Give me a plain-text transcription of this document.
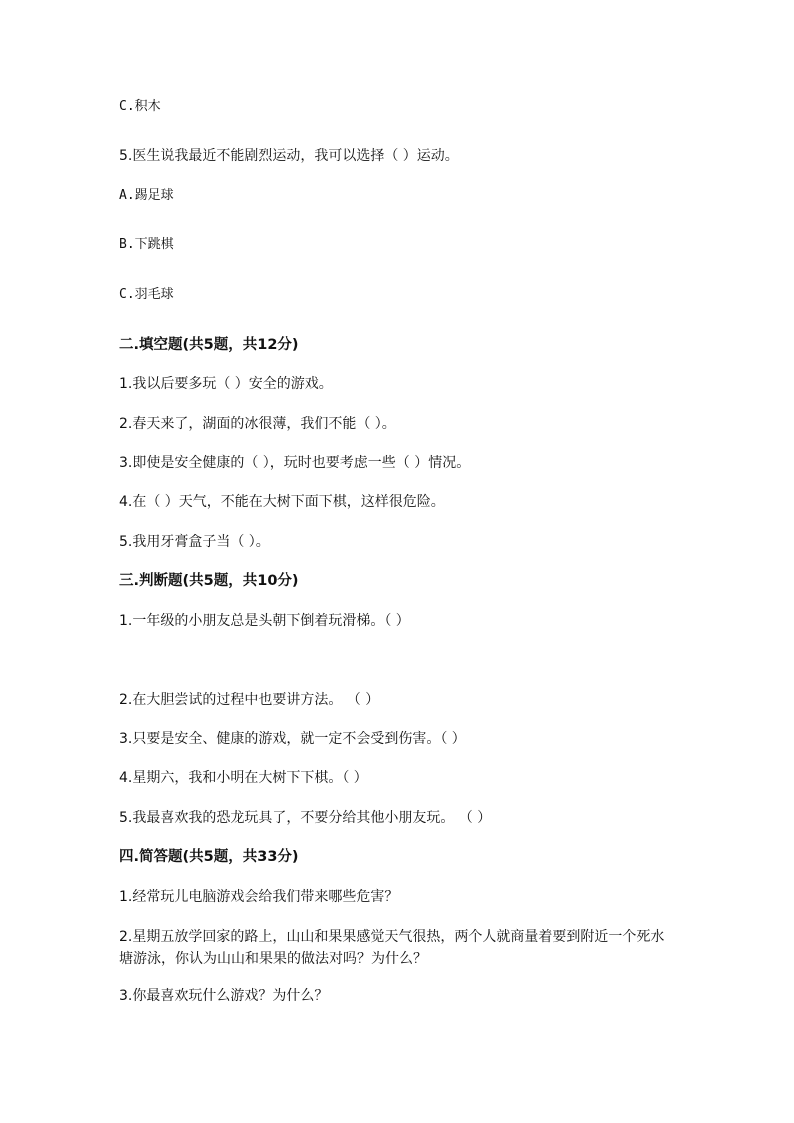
C.积木
5.医生说我最近不能剧烈运动，我可以选择（ ）运动。
A.踢足球
B.下跳棋
C.羽毛球
二.填空题(共5题，共12分)
1.我以后要多玩（ ）安全的游戏。
2.春天来了，湖面的冰很薄，我们不能（ ）。
3.即使是安全健康的（ ），玩时也要考虑一些（ ）情况。
4.在（ ）天气，不能在大树下面下棋，这样很危险。
5.我用牙膏盒子当（ ）。
三.判断题(共5题，共10分)
1.一年级的小朋友总是头朝下倒着玩滑梯。（ ）
2.在大胆尝试的过程中也要讲方法。 （ ）
3.只要是安全、健康的游戏，就一定不会受到伤害。（ ）
4.星期六，我和小明在大树下下棋。（ ）
5.我最喜欢我的恐龙玩具了，不要分给其他小朋友玩。 （ ）
四.简答题(共5题，共33分)
1.经常玩儿电脑游戏会给我们带来哪些危害？
2.星期五放学回家的路上，山山和果果感觉天气很热，两个人就商量着要到附近一个死水塘游泳，你认为山山和果果的做法对吗？为什么？
3.你最喜欢玩什么游戏？为什么？
